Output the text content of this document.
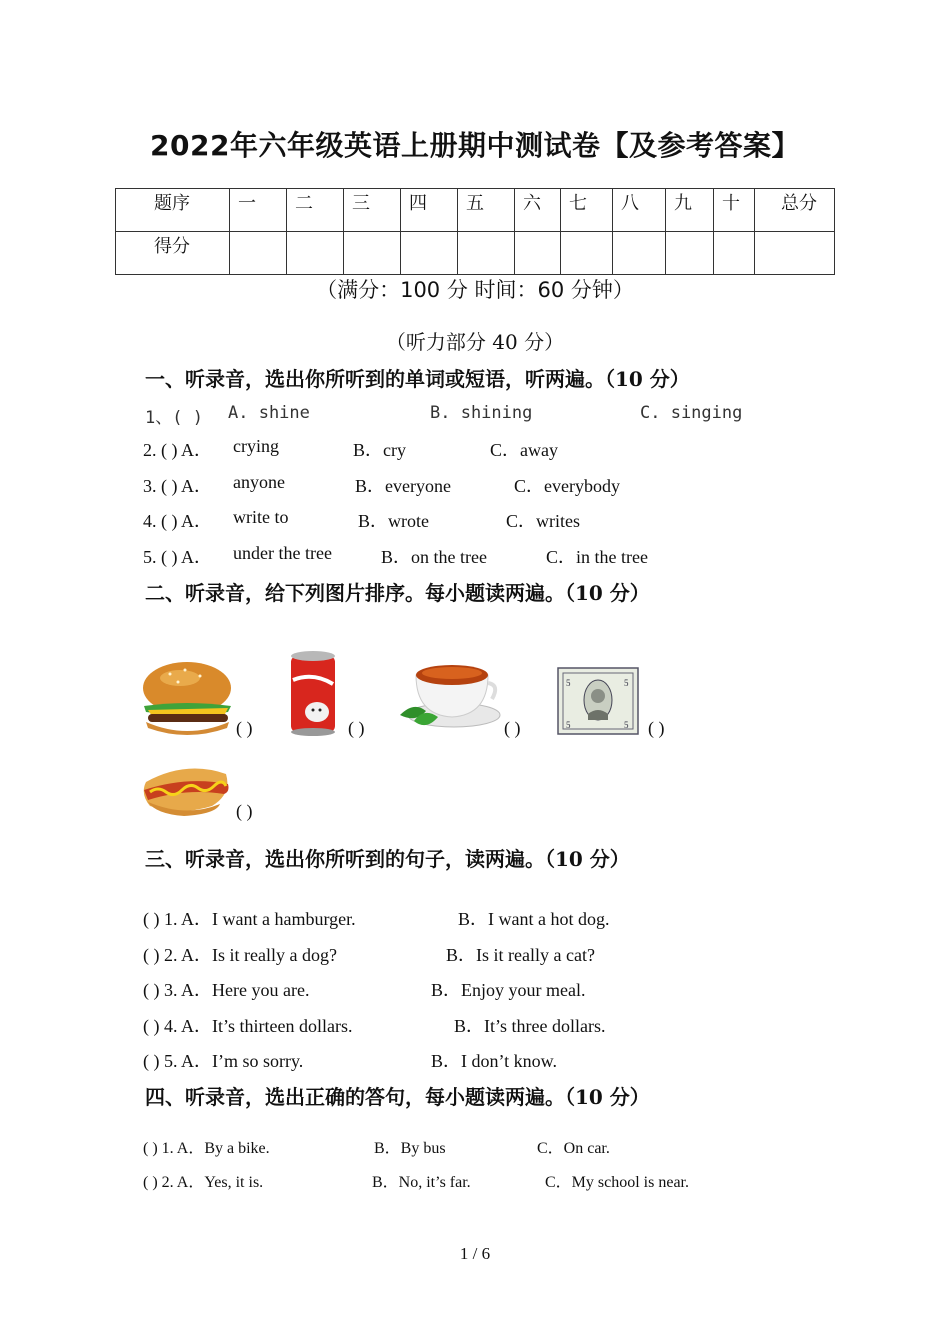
2022年六年级英语上册期中测试卷【及参考答案】
题序	一	二	三	四	五	六	七	八	九	十	总分
得分											
（满分：100 分 时间：60 分钟）
（听力部分 40 分）
一、听录音，选出你所听到的单词或短语，听两遍。（10 分）
1、( ) A. shine	B. shining	C. singing
2. ( ) A． crying	B．cry	C．away
3. ( ) A． anyone	B．everyone	C．everybody
4. ( ) A． write to	B．wrote	C．writes
5. ( ) A． under the tree	B．on the tree	C．in the tree
二、听录音，给下列图片排序。每小题读两遍。（10 分）
( )	( )	( )
5	5
5	5 ( )
( )
三、听录音，选出你所听到的句子，读两遍。（10 分）
( ) 1. A．I want a hamburger.	B．I want a hot dog.
( ) 2. A．Is it really a dog?	B．Is it really a cat?
( ) 3. A．Here you are.	B．Enjoy your meal.
( ) 4. A．It’s thirteen dollars.	B．It’s three dollars.
( ) 5. A．I’m so sorry.	B．I don’t know.
四、听录音，选出正确的答句，每小题读两遍。（10 分）
( ) 1. A．By a bike.	B．By bus	C．On car.
( ) 2. A．Yes, it is.	B．No, it’s far.	C．My school is near.
1 / 6
